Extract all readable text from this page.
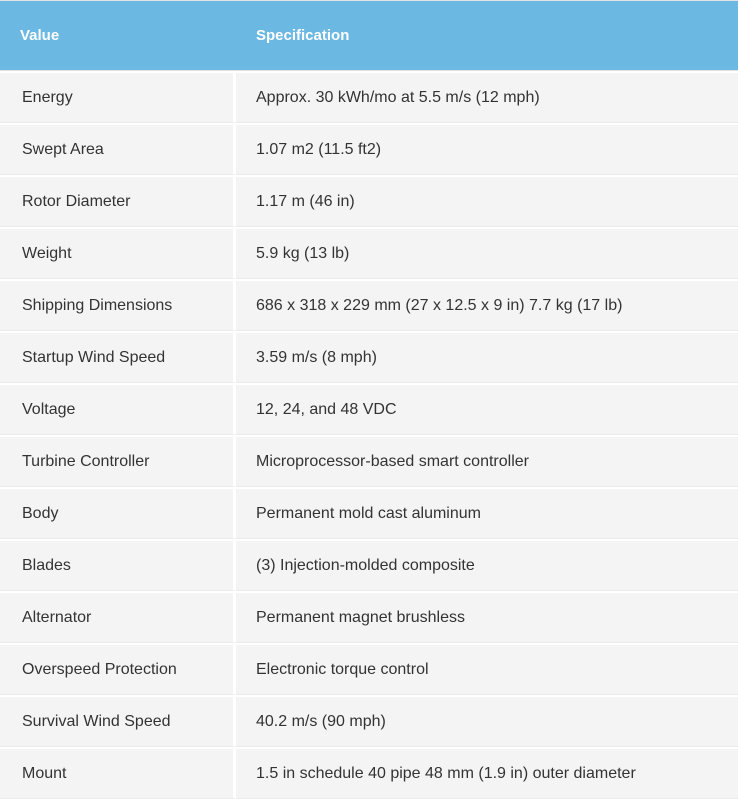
Value	Specification
Energy	Approx. 30 kWh/mo at 5.5 m/s (12 mph)
Swept Area	1.07 m2 (11.5 ft2)
Rotor Diameter	1.17 m (46 in)
Weight	5.9 kg (13 lb)
Shipping Dimensions	686 x 318 x 229 mm (27 x 12.5 x 9 in) 7.7 kg (17 lb)
Startup Wind Speed	3.59 m/s (8 mph)
Voltage	12, 24, and 48 VDC
Turbine Controller	Microprocessor-based smart controller
Body	Permanent mold cast aluminum
Blades	(3) Injection-molded composite
Alternator	Permanent magnet brushless
Overspeed Protection	Electronic torque control
Survival Wind Speed	40.2 m/s (90 mph)
Mount	1.5 in schedule 40 pipe 48 mm (1.9 in) outer diameter
